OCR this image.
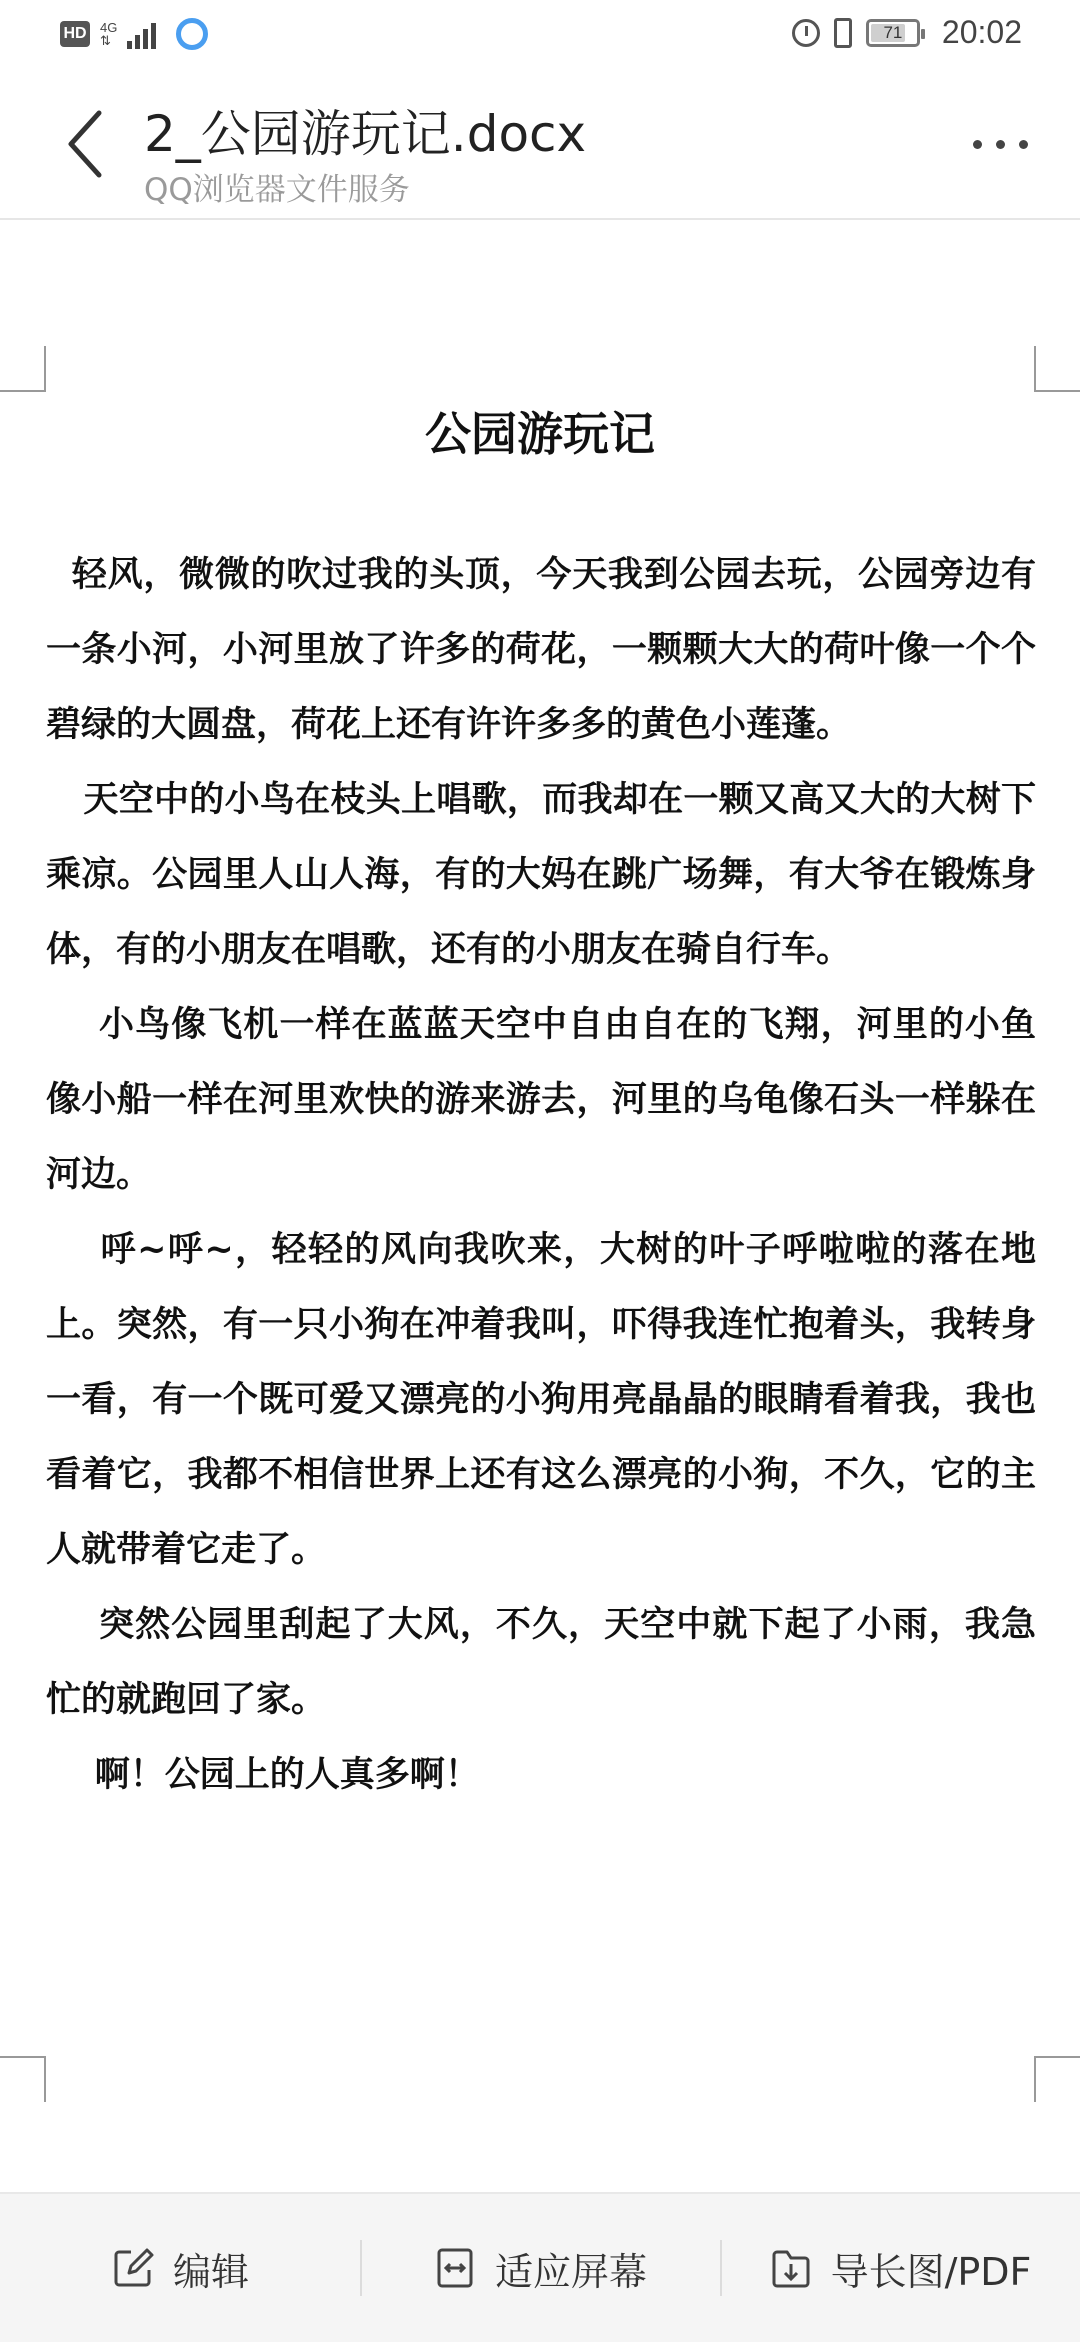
HD 4G
⇅	71 20:02
2_公园游玩记.docx
QQ浏览器文件服务
公园游玩记

轻风，微微的吹过我的头顶，今天我到公园去玩，公园旁边有一条小河，小河里放了许多的荷花，一颗颗大大的荷叶像一个个碧绿的大圆盘，荷花上还有许许多多的黄色小莲蓬。

天空中的小鸟在枝头上唱歌，而我却在一颗又高又大的大树下乘凉。公园里人山人海，有的大妈在跳广场舞，有大爷在锻炼身体，有的小朋友在唱歌，还有的小朋友在骑自行车。

小鸟像飞机一样在蓝蓝天空中自由自在的飞翔，河里的小鱼像小船一样在河里欢快的游来游去，河里的乌龟像石头一样躲在河边。

呼~呼~，轻轻的风向我吹来，大树的叶子呼啦啦的落在地上。突然，有一只小狗在冲着我叫，吓得我连忙抱着头，我转身一看，有一个既可爱又漂亮的小狗用亮晶晶的眼睛看着我，我也看着它，我都不相信世界上还有这么漂亮的小狗，不久，它的主人就带着它走了。

突然公园里刮起了大风，不久，天空中就下起了小雨，我急忙的就跑回了家。

啊！公园上的人真多啊！

编辑	适应屏幕	导长图/PDF
